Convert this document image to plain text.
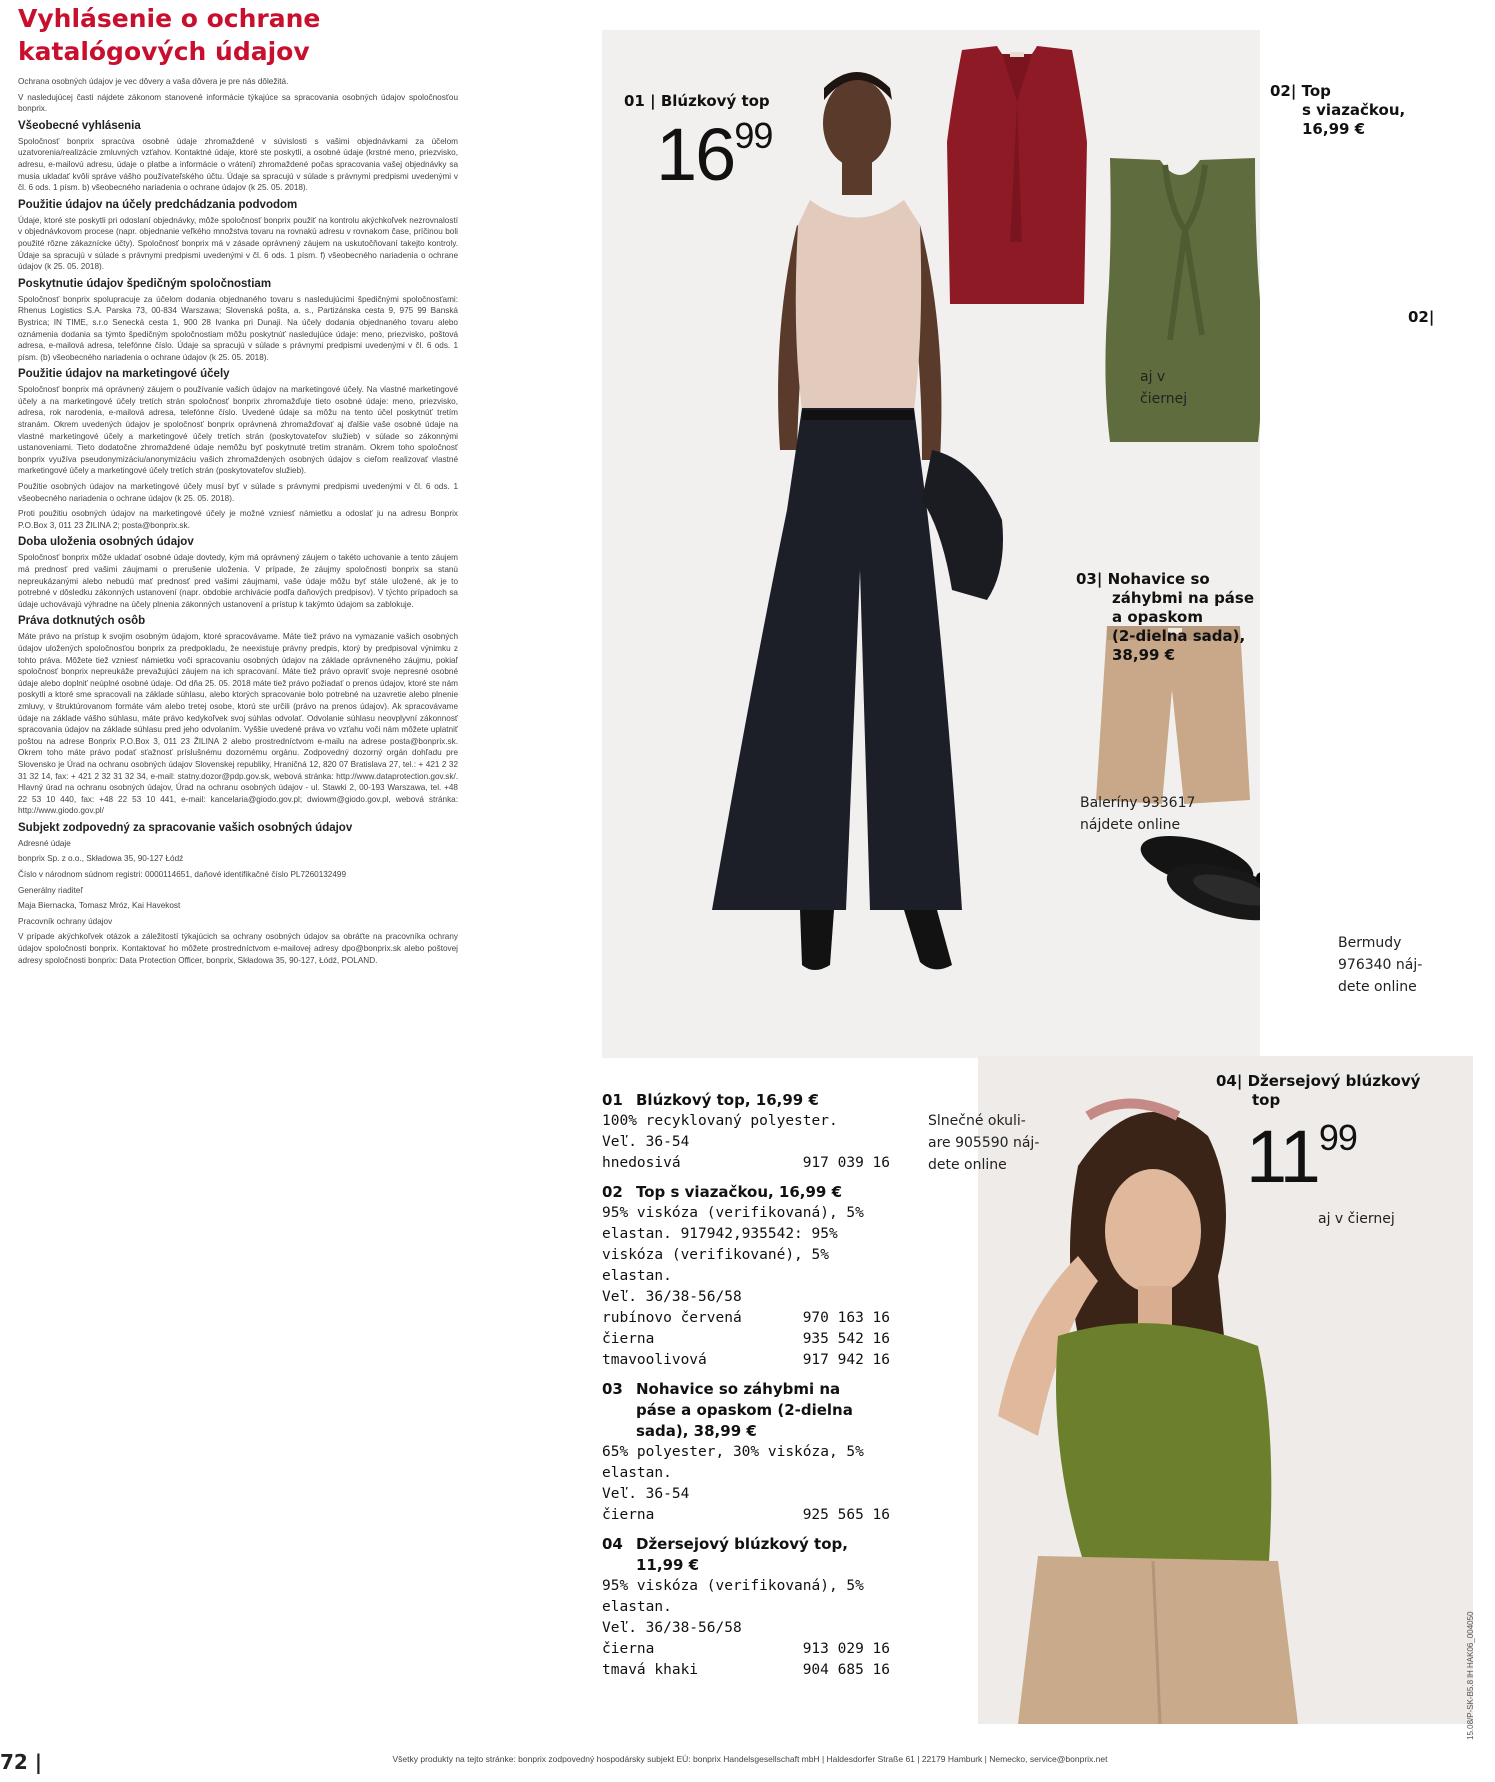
Vyhlásenie o ochrane katalógových údajov

Ochrana osobných údajov je vec dôvery a vaša dôvera je pre nás dôležitá.

V nasledujúcej časti nájdete zákonom stanovené informácie týkajúce sa spracovania osobných údajov spoločnosťou bonprix.

Všeobecné vyhlásenia

Spoločnosť bonprix spracúva osobné údaje zhromaždené v súvislosti s vašimi objednávkami za účelom uzatvorenia/realizácie zmluvných vzťahov. Kontaktné údaje, ktoré ste poskytli, a osobné údaje (krstné meno, priezvisko, adresu, e-mailovú adresu, údaje o platbe a informácie o vrátení) zhromaždené počas spracovania vašej objednávky sa musia ukladať kvôli správe vášho používateľského účtu. Údaje sa spracujú v súlade s právnymi predpismi uvedenými v čl. 6 ods. 1 písm. b) všeobecného nariadenia o ochrane údajov (k 25. 05. 2018).

Použitie údajov na účely predchádzania podvodom

Údaje, ktoré ste poskytli pri odoslaní objednávky, môže spoločnosť bonprix použiť na kontrolu akýchkoľvek nezrovnalostí v objednávkovom procese (napr. objednanie veľkého množstva tovaru na rovnakú adresu v rovnakom čase, príčinou boli použité rôzne zákaznícke účty). Spoločnosť bonprix má v zásade oprávnený záujem na uskutočňovaní takejto kontroly. Údaje sa spracujú v súlade s právnymi predpismi uvedenými v čl. 6 ods. 1 písm. f) všeobecného nariadenia o ochrane údajov (k 25. 05. 2018).

Poskytnutie údajov špedičným spoločnostiam

Spoločnosť bonprix spolupracuje za účelom dodania objednaného tovaru s nasledujúcimi špedičnými spoločnosťami: Rhenus Logistics S.A. Parska 73, 00-834 Warszawa; Slovenská pošta, a. s., Partizánska cesta 9, 975 99 Banská Bystrica; IN TIME, s.r.o Senecká cesta 1, 900 28 Ivanka pri Dunaji. Na účely dodania objednaného tovaru alebo oznámenia dodania sa týmto špedičným spoločnostiam môžu poskytnúť nasledujúce údaje: meno, priezvisko, poštová adresa, e-mailová adresa, telefónne číslo. Údaje sa spracujú v súlade s právnymi predpismi uvedenými v čl. 6 ods. 1 písm. (b) všeobecného nariadenia o ochrane údajov (k 25. 05. 2018).

Použitie údajov na marketingové účely

Spoločnosť bonprix má oprávnený záujem o používanie vašich údajov na marketingové účely. Na vlastné marketingové účely a na marketingové účely tretích strán spoločnosť bonprix zhromažďuje tieto osobné údaje: meno, priezvisko, adresa, rok narodenia, e-mailová adresa, telefónne číslo. Uvedené údaje sa môžu na tento účel poskytnúť tretím stranám. Okrem uvedených údajov je spoločnosť bonprix oprávnená zhromažďovať aj ďalšie vaše osobné údaje na vlastné marketingové účely a marketingové účely tretích strán (poskytovateľov služieb) v súlade so zákonnými ustanoveniami. Tieto dodatočne zhromaždené údaje nemôžu byť poskytnuté tretím stranám. Okrem toho spoločnosť bonprix využíva pseudonymizáciu/anonymizáciu vašich zhromaždených osobných údajov s cieľom realizovať vlastné marketingové účely a marketingové účely tretích strán (poskytovateľov služieb).

Použitie osobných údajov na marketingové účely musí byť v súlade s právnymi predpismi uvedenými v čl. 6 ods. 1 všeobecného nariadenia o ochrane údajov (k 25. 05. 2018).

Proti použitiu osobných údajov na marketingové účely je možné vzniesť námietku a odoslať ju na adresu Bonprix P.O.Box 3, 011 23 ŽILINA 2; posta@bonprix.sk.

Doba uloženia osobných údajov

Spoločnosť bonprix môže ukladať osobné údaje dovtedy, kým má oprávnený záujem o takéto uchovanie a tento záujem má prednosť pred vašimi záujmami o prerušenie uloženia. V prípade, že záujmy spoločnosti bonprix sa stanú nepreukázanými alebo nebudú mať prednosť pred vašimi záujmami, vaše údaje môžu byť stále uložené, ak je to potrebné v dôsledku zákonných ustanovení (napr. obdobie archivácie podľa daňových predpisov). V týchto prípadoch sa údaje uchovávajú výhradne na účely plnenia zákonných ustanovení a prístup k takýmto údajom sa zablokuje.

Práva dotknutých osôb

Máte právo na prístup k svojim osobným údajom, ktoré spracovávame. Máte tiež právo na vymazanie vašich osobných údajov uložených spoločnosťou bonprix za predpokladu, že neexistuje právny predpis, ktorý by predpisoval výnimku z tohto práva. Môžete tiež vzniesť námietku voči spracovaniu osobných údajov na základe oprávneného záujmu, pokiaľ spoločnosť bonprix nepreukáže prevažujúci záujem na ich spracovaní. Máte tiež právo opraviť svoje nepresné osobné údaje alebo doplniť neúplné osobné údaje. Od dňa 25. 05. 2018 máte tiež právo požiadať o prenos údajov, ktoré ste nám poskytli a ktoré sme spracovali na základe súhlasu, alebo ktorých spracovanie bolo potrebné na uzavretie alebo plnenie zmluvy, v štruktúrovanom formáte vám alebo tretej osobe, ktorú ste určili (právo na prenos údajov). Ak spracovávame údaje na základe vášho súhlasu, máte právo kedykoľvek svoj súhlas odvolať. Odvolanie súhlasu neovplyvní zákonnosť spracovania údajov na základe súhlasu pred jeho odvolaním. Vyššie uvedené práva vo vzťahu voči nám môžete uplatniť poštou na adrese Bonprix P.O.Box 3, 011 23 ŽILINA 2 alebo prostredníctvom e-mailu na adrese posta@bonprix.sk. Okrem toho máte právo podať sťažnosť príslušnému dozornému orgánu. Zodpovedný dozorný orgán dohľadu pre Slovensko je Úrad na ochranu osobných údajov Slovenskej republiky, Hraničná 12, 820 07 Bratislava 27, tel.: + 421 2 32 31 32 14, fax: + 421 2 32 31 32 34, e-mail: statny.dozor@pdp.gov.sk, webová stránka: http://www.dataprotection.gov.sk/. Hlavný úrad na ochranu osobných údajov, Úrad na ochranu osobných údajov - ul. Stawki 2, 00-193 Warszawa, tel. +48 22 53 10 440, fax: +48 22 53 10 441, e-mail: kancelaria@giodo.gov.pl; dwiowm@giodo.gov.pl, webová stránka: http://www.giodo.gov.pl/

Subjekt zodpovedný za spracovanie vašich osobných údajov

Adresné údaje

bonprix Sp. z o.o., Składowa 35, 90-127 Łódź

Číslo v národnom súdnom registri: 0000114651, daňové identifikačné číslo PL7260132499

Generálny riaditeľ

Maja Biernacka, Tomasz Mróz, Kai Havekost

Pracovník ochrany údajov

V prípade akýchkoľvek otázok a záležitostí týkajúcich sa ochrany osobných údajov sa obráťte na pracovníka ochrany údajov spoločnosti bonprix. Kontaktovať ho môžete prostredníctvom e-mailovej adresy dpo@bonprix.sk alebo poštovej adresy spoločnosti bonprix: Data Protection Officer, bonprix, Składowa 35, 90-127, Łódź, POLAND.

01 | Blúzkový top
1699
02| Top
s viazačkou,
16,99 €
02|
aj v
čiernej
03| Nohavice so
záhybmi na páse
a opaskom
(2-dielna sada),
38,99 €
Baleríny 933617
nájdete online
Bermudy
976340 náj-
dete online
Slnečné okuli-
are 905590 náj-
dete online
04| Džersejový blúzkový
top
1199
aj v čiernej
01 Blúzkový top, 16,99 €
100% recyklovaný polyester.
Veľ. 36-54
hnedosivá	917 039 16
02 Top s viazačkou, 16,99 €
95% viskóza (verifikovaná), 5%
elastan. 917942,935542: 95%
viskóza (verifikované), 5% elastan.
Veľ. 36/38-56/58
rubínovo červená	970 163 16
čierna	935 542 16
tmavoolivová	917 942 16
03 Nohavice so záhybmi na
páse a opaskom (2-dielna
sada), 38,99 €
65% polyester, 30% viskóza, 5%
elastan.
Veľ. 36-54
čierna	925 565 16
04 Džersejový blúzkový top,
11,99 €
95% viskóza (verifikovaná), 5%
elastan.
Veľ. 36/38-56/58
čierna	913 029 16
tmavá khaki	904 685 16
72 |	Všetky produkty na tejto stránke: bonprix zodpovedný hospodársky subjekt EÚ: bonprix Handelsgesellschaft mbH | Haldesdorfer Straße 61 | 22179 Hamburk | Nemecko, service@bonprix.net
15.08/P-SK-B5.8 lH HAK06_004050
